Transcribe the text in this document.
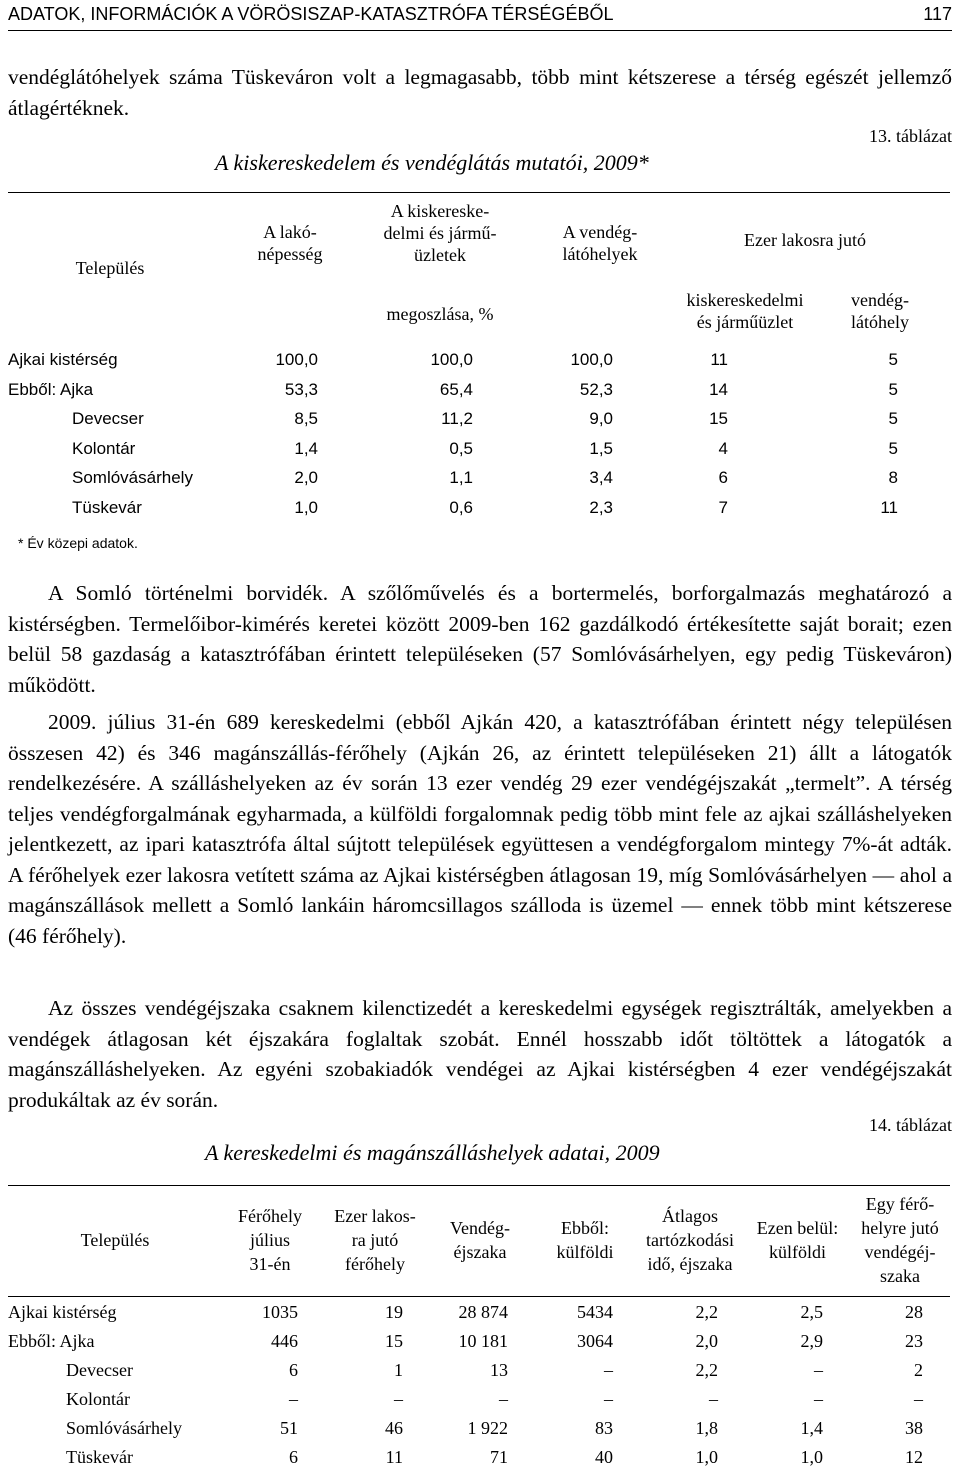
ADATOK, INFORMÁCIÓK A VÖRÖSISZAP-KATASZTRÓFA TÉRSÉGÉBŐL	117
vendéglátóhelyek száma Tüskeváron volt a legmagasabb, több mint kétszerese a térség egészét jellemző átlagértéknek.
13. táblázat
A kiskereskedelem és vendéglátás mutatói, 2009*
Település
A lakó-
népesség
A kiskereske-
delmi és jármű-
üzletek
A vendég-
látóhelyek
megoszlása, %
Ezer lakosra jutó
kiskereskedelmi
és járműüzlet
vendég-
látóhely
Ajkai kistérség	100,0	100,0	100,0	11	5
Ebből: Ajka	53,3	65,4	52,3	14	5
Devecser	8,5	11,2	9,0	15	5
Kolontár	1,4	0,5	1,5	4	5
Somlóvásárhely	2,0	1,1	3,4	6	8
Tüskevár	1,0	0,6	2,3	7	11
* Év közepi adatok.
A Somló történelmi borvidék. A szőlőművelés és a bortermelés, borforgalmazás meghatározó a kistérségben. Termelőibor-kimérés keretei között 2009-ben 162 gazdálkodó értékesítette saját borait; ezen belül 58 gazdaság a katasztrófában érintett településeken (57 Somlóvásárhelyen, egy pedig Tüskeváron) működött.
2009. július 31-én 689 kereskedelmi (ebből Ajkán 420, a katasztrófában érintett négy településen összesen 42) és 346 magánszállás-férőhely (Ajkán 26, az érintett településeken 21) állt a látogatók rendelkezésére. A szálláshelyeken az év során 13 ezer vendég 29 ezer vendégéjszakát „termelt”. A térség teljes vendégforgalmának egyharmada, a külföldi forgalomnak pedig több mint fele az ajkai szálláshelyeken jelentkezett, az ipari katasztrófa által sújtott települések együttesen a vendégforgalom mintegy 7%-át adták. A férőhelyek ezer lakosra vetített száma az Ajkai kistérségben átlagosan 19, míg Somlóvásárhelyen — ahol a magánszállások mellett a Somló lankáin háromcsillagos szálloda is üzemel — ennek több mint kétszerese (46 férőhely).
Az összes vendégéjszaka csaknem kilenctizedét a kereskedelmi egységek regisztrálták, amelyekben a vendégek átlagosan két éjszakára foglaltak szobát. Ennél hosszabb időt töltöttek a látogatók a magánszálláshelyeken. Az egyéni szobakiadók vendégei az Ajkai kistérségben 4 ezer vendégéjszakát produkáltak az év során.
14. táblázat
A kereskedelmi és magánszálláshelyek adatai, 2009
Település
Férőhely
július
31-én
Ezer lakos-
ra jutó
férőhely
Vendég-
éjszaka
Ebből:
külföldi
Átlagos
tartózkodási
idő, éjszaka
Ezen belül:
külföldi
Egy férő-
helyre jutó
vendégéj-
szaka
Ajkai kistérség	1035	19	28 874	5434	2,2	2,5	28
Ebből: Ajka	446	15	10 181	3064	2,0	2,9	23
Devecser	6	1	13	–	2,2	–	2
Kolontár	–	–	–	–	–	–	–
Somlóvásárhely	51	46	1 922	83	1,8	1,4	38
Tüskevár	6	11	71	40	1,0	1,0	12
